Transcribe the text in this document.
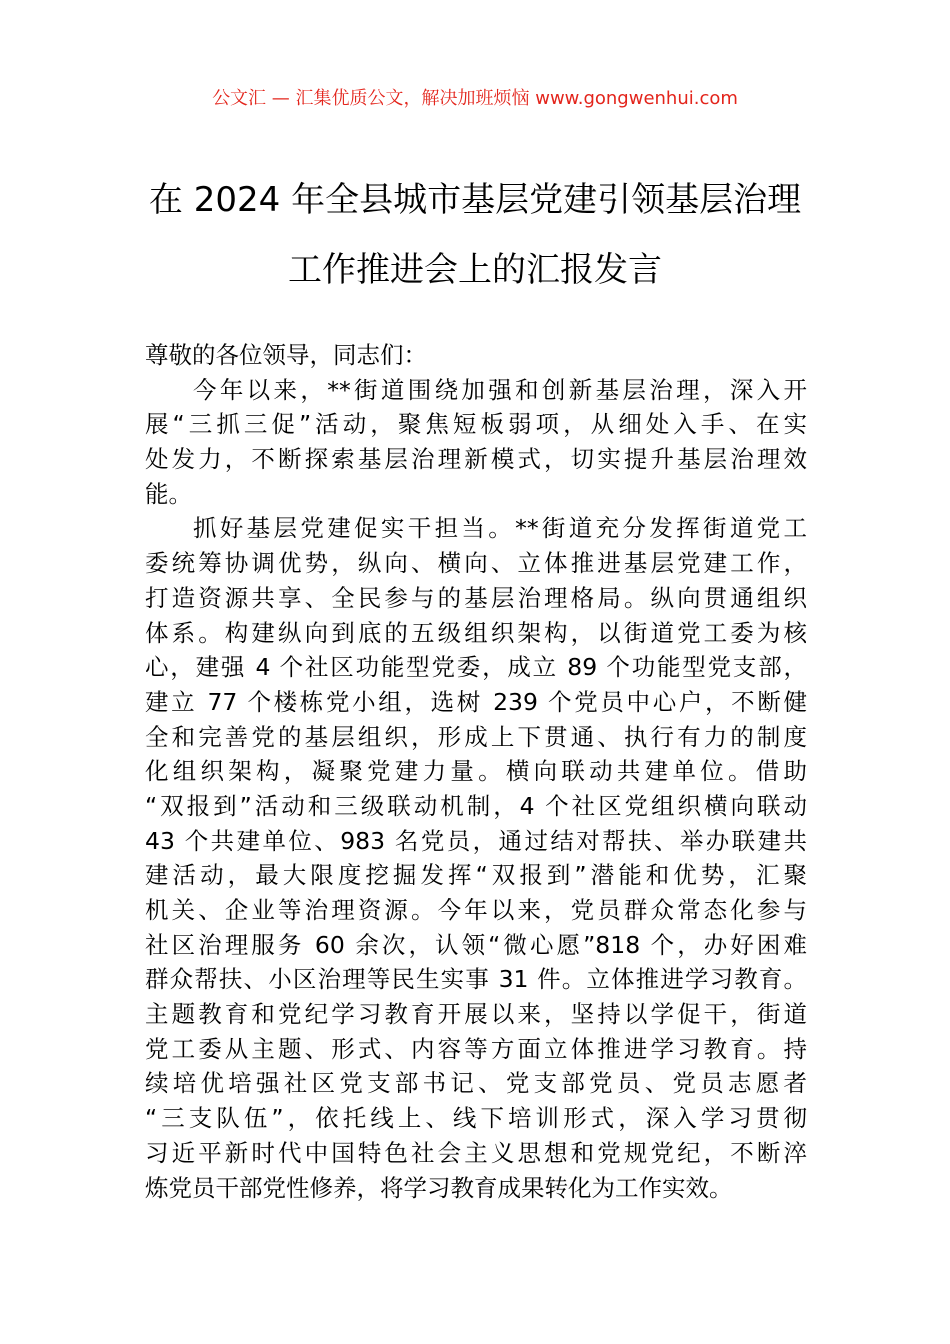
公文汇 — 汇集优质公文，解决加班烦恼 www.gongwenhui.com
在 2024 年全县城市基层党建引领基层治理
工作推进会上的汇报发言
尊敬的各位领导，同志们：
今年以来，**街道围绕加强和创新基层治理，深入开
展“三抓三促”活动，聚焦短板弱项，从细处入手、在实
处发力，不断探索基层治理新模式，切实提升基层治理效
能。
抓好基层党建促实干担当。**街道充分发挥街道党工
委统筹协调优势，纵向、横向、立体推进基层党建工作，
打造资源共享、全民参与的基层治理格局。纵向贯通组织
体系。构建纵向到底的五级组织架构，以街道党工委为核
心，建强 4 个社区功能型党委，成立 89 个功能型党支部，
建立 77 个楼栋党小组，选树 239 个党员中心户，不断健
全和完善党的基层组织，形成上下贯通、执行有力的制度
化组织架构，凝聚党建力量。横向联动共建单位。借助
“双报到”活动和三级联动机制，4 个社区党组织横向联动
43 个共建单位、983 名党员，通过结对帮扶、举办联建共
建活动，最大限度挖掘发挥“双报到”潜能和优势，汇聚
机关、企业等治理资源。今年以来，党员群众常态化参与
社区治理服务 60 余次，认领“微心愿”818 个，办好困难
群众帮扶、小区治理等民生实事 31 件。立体推进学习教育。
主题教育和党纪学习教育开展以来，坚持以学促干，街道
党工委从主题、形式、内容等方面立体推进学习教育。持
续培优培强社区党支部书记、党支部党员、党员志愿者
“三支队伍”，依托线上、线下培训形式，深入学习贯彻
习近平新时代中国特色社会主义思想和党规党纪，不断淬
炼党员干部党性修养，将学习教育成果转化为工作实效。
